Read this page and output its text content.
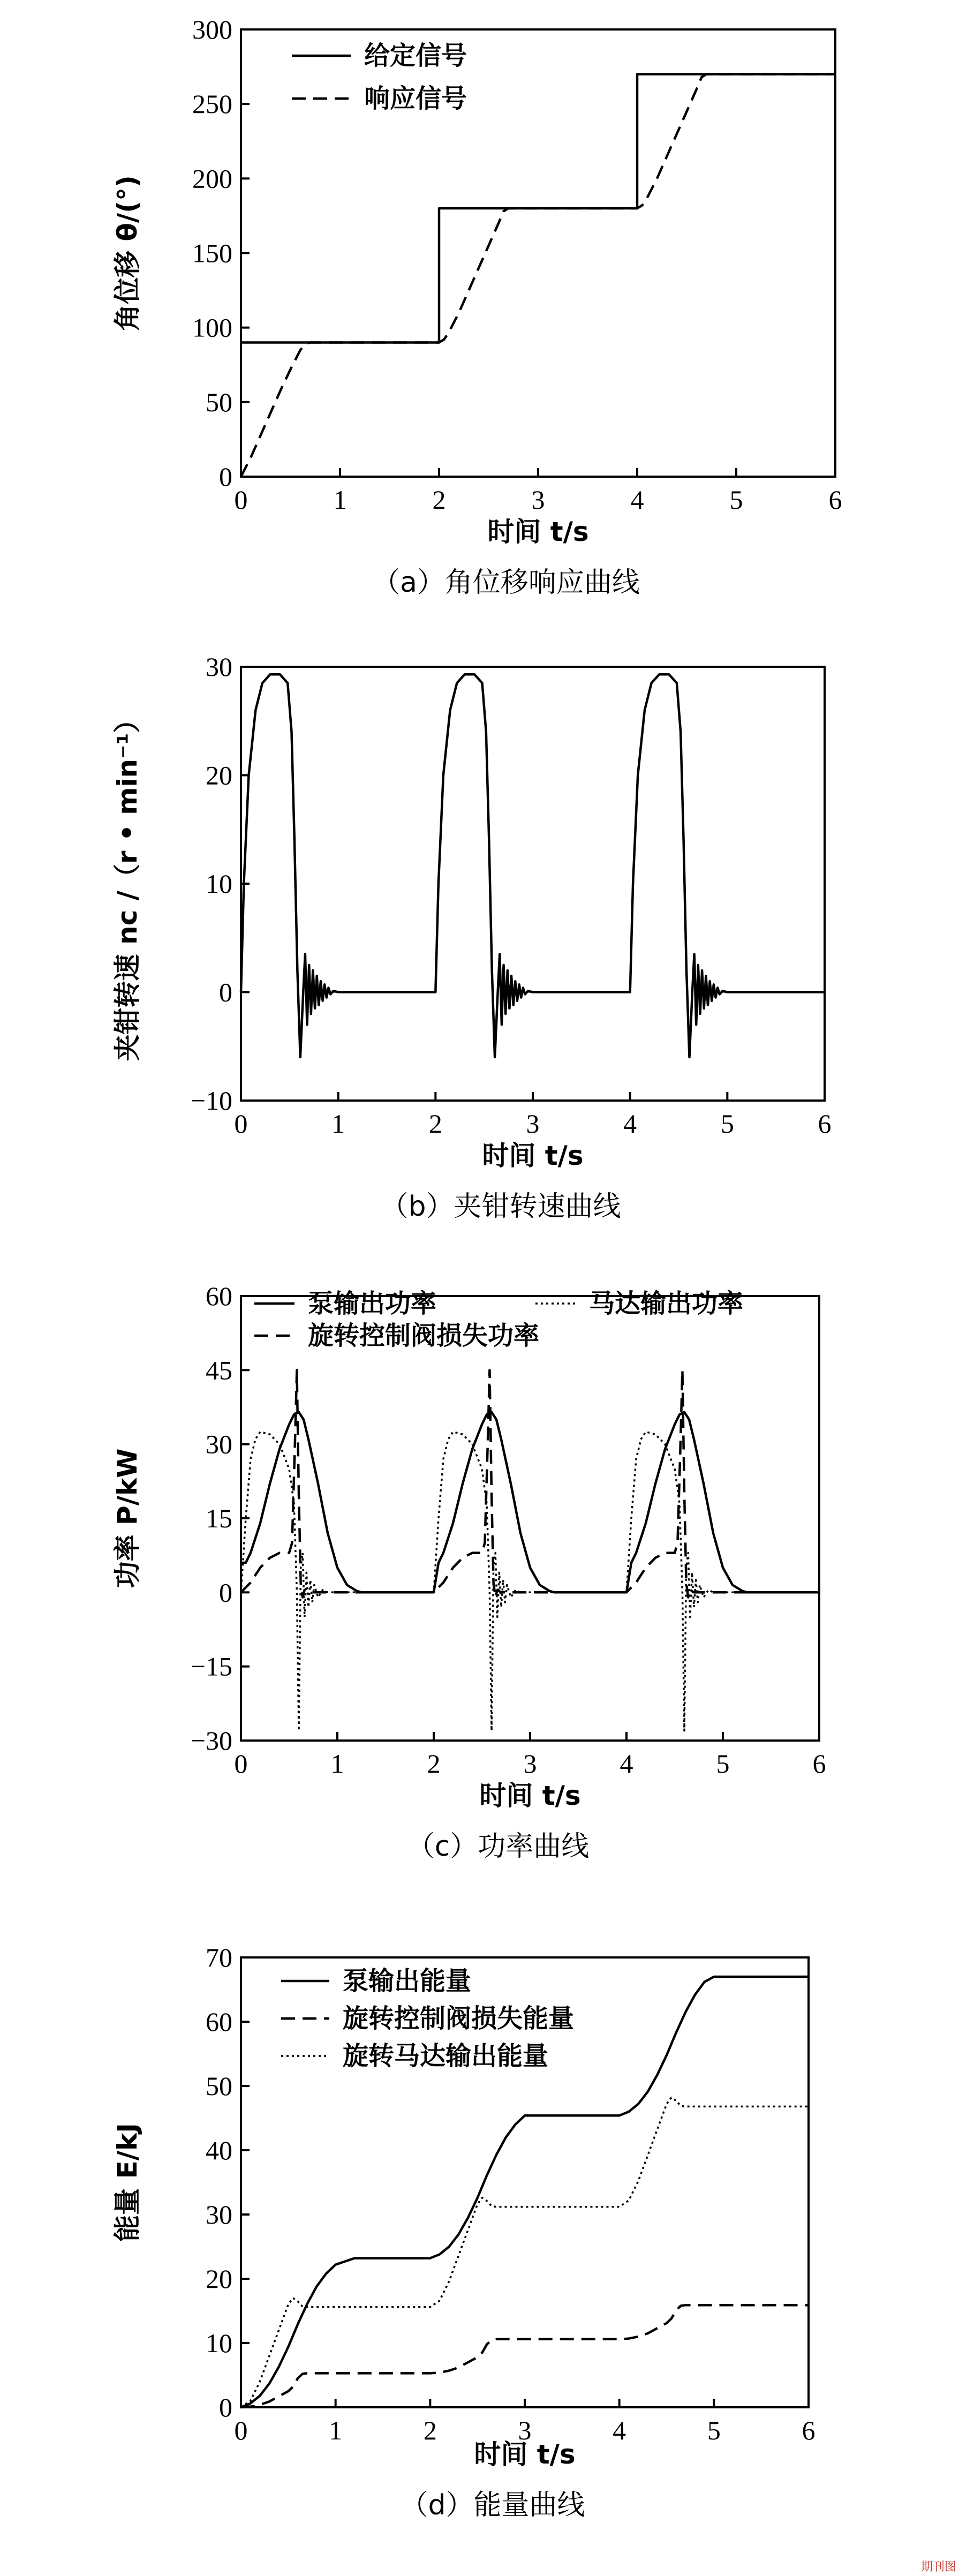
0	1	2	3	4	5	6
0
50
100
150
200
250
300
给定信号
响应信号
角位移 θ/(°)
时间 t/s
（a）角位移响应曲线
0	1	2	3	4	5	6
−10
0
10
20
30
夹钳转速 nc /（r • min⁻¹）
时间 t/s
（b）夹钳转速曲线
0	1	2	3	4	5	6
−30
−15
0
15
30
45
60	泵输出功率	马达输出功率
旋转控制阀损失功率
功率 P/kW
时间 t/s
（c）功率曲线
0	1	2	3	4	5	6
0
10
20
30
40
50
60
70
泵输出能量
旋转控制阀损失能量
旋转马达输出能量
能量 E/kJ
时间 t/s
（d）能量曲线
期刊图
